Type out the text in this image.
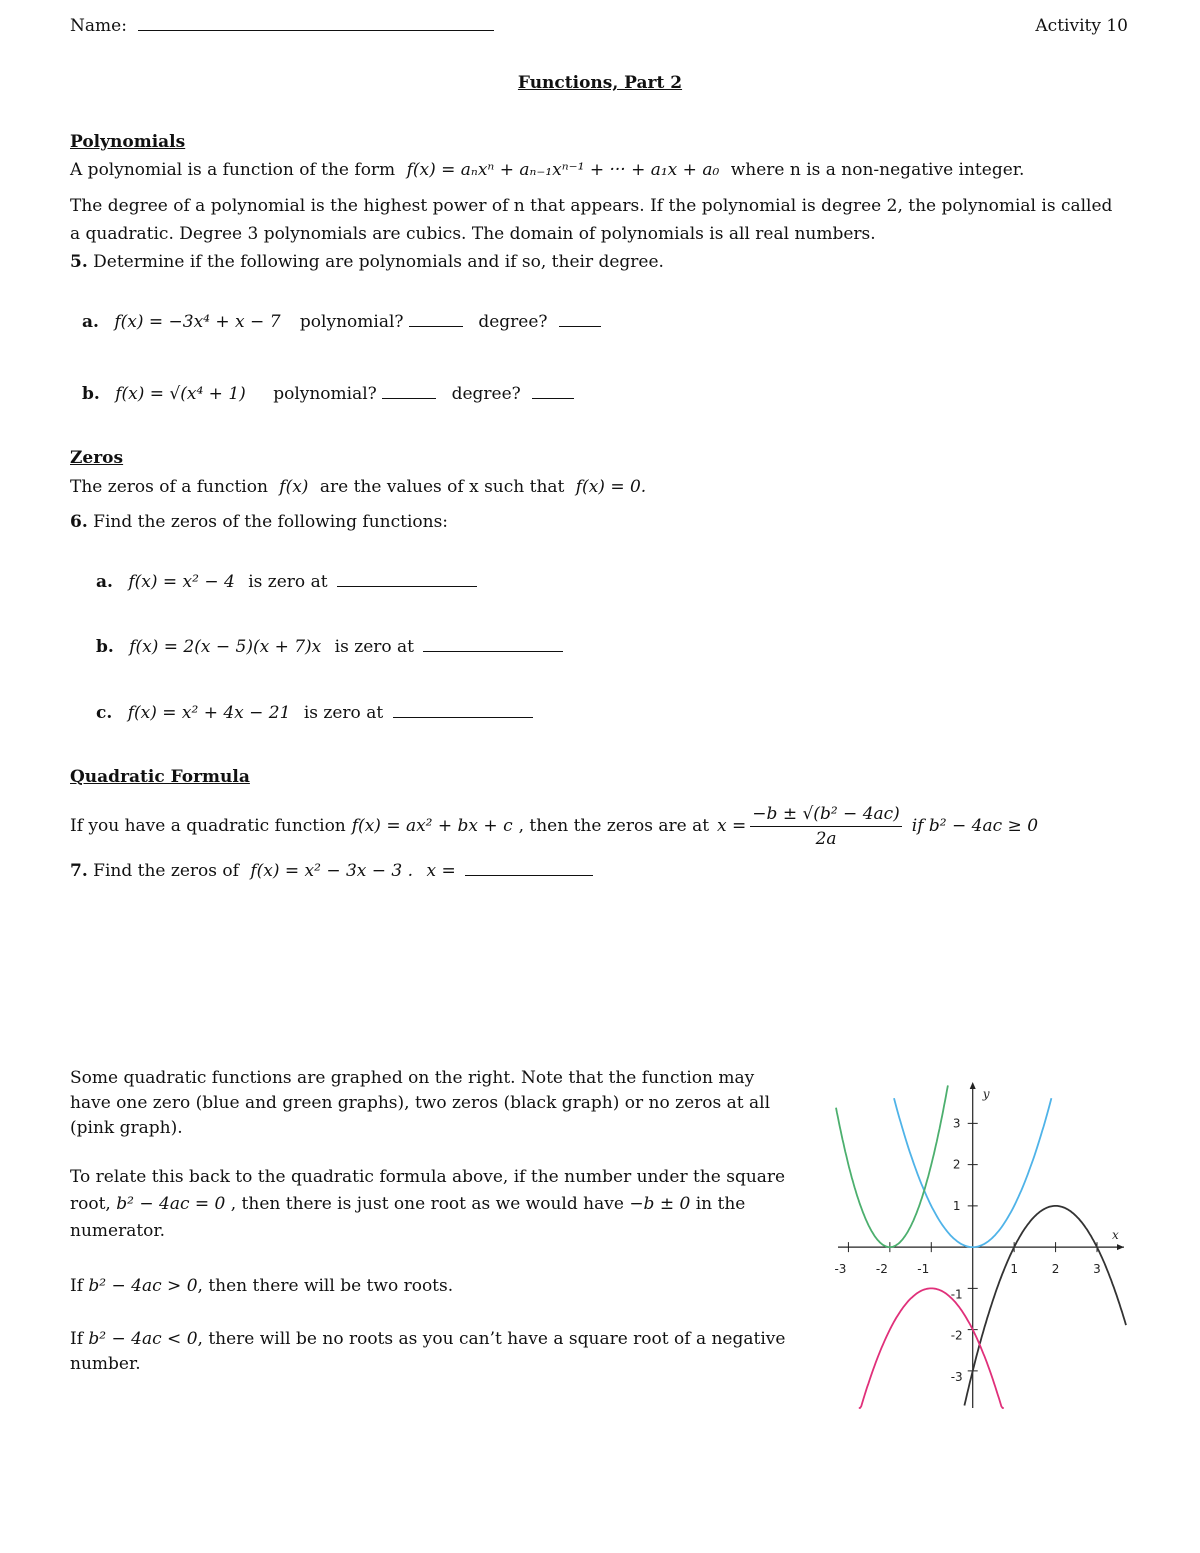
Name:	Activity 10
Functions, Part 2
Polynomials
A polynomial is a function of the form f(x) = aₙxⁿ + aₙ₋₁xⁿ⁻¹ + ··· + a₁x + a₀ where n is a non-negative integer.
The degree of a polynomial is the highest power of n that appears. If the polynomial is degree 2, the polynomial is called
a quadratic. Degree 3 polynomials are cubics. The domain of polynomials is all real numbers.
5. Determine if the following are polynomials and if so, their degree.
a. f(x) = −3x⁴ + x − 7 polynomial?	degree?
b. f(x) = √(x⁴ + 1) polynomial?	degree?
Zeros
The zeros of a function f(x) are the values of x such that f(x) = 0.
6. Find the zeros of the following functions:
a. f(x) = x² − 4 is zero at
b. f(x) = 2(x − 5)(x + 7)x is zero at
c. f(x) = x² + 4x − 21 is zero at
Quadratic Formula
If you have a quadratic function f(x) = ax² + bx + c , then the zeros are at $x = \frac{\text{−b ± √(b² − 4ac)}}{2a}$ if b² − 4ac ≥ 0
7. Find the zeros of f(x) = x² − 3x − 3 . x =
Some quadratic functions are graphed on the right. Note that the function may have one zero (blue and green graphs), two zeros (black graph) or no zeros at all (pink graph).
To relate this back to the quadratic formula above, if the number under the square root, b² − 4ac = 0 , then there is just one root as we would have −b ± 0 in the numerator.
If b² − 4ac > 0, then there will be two roots.
If b² − 4ac < 0, there will be no roots as you can’t have a square root of a negative number.
-3 -2 -1	1	2	3
3
2
1
-1
-2
-3
x
y
